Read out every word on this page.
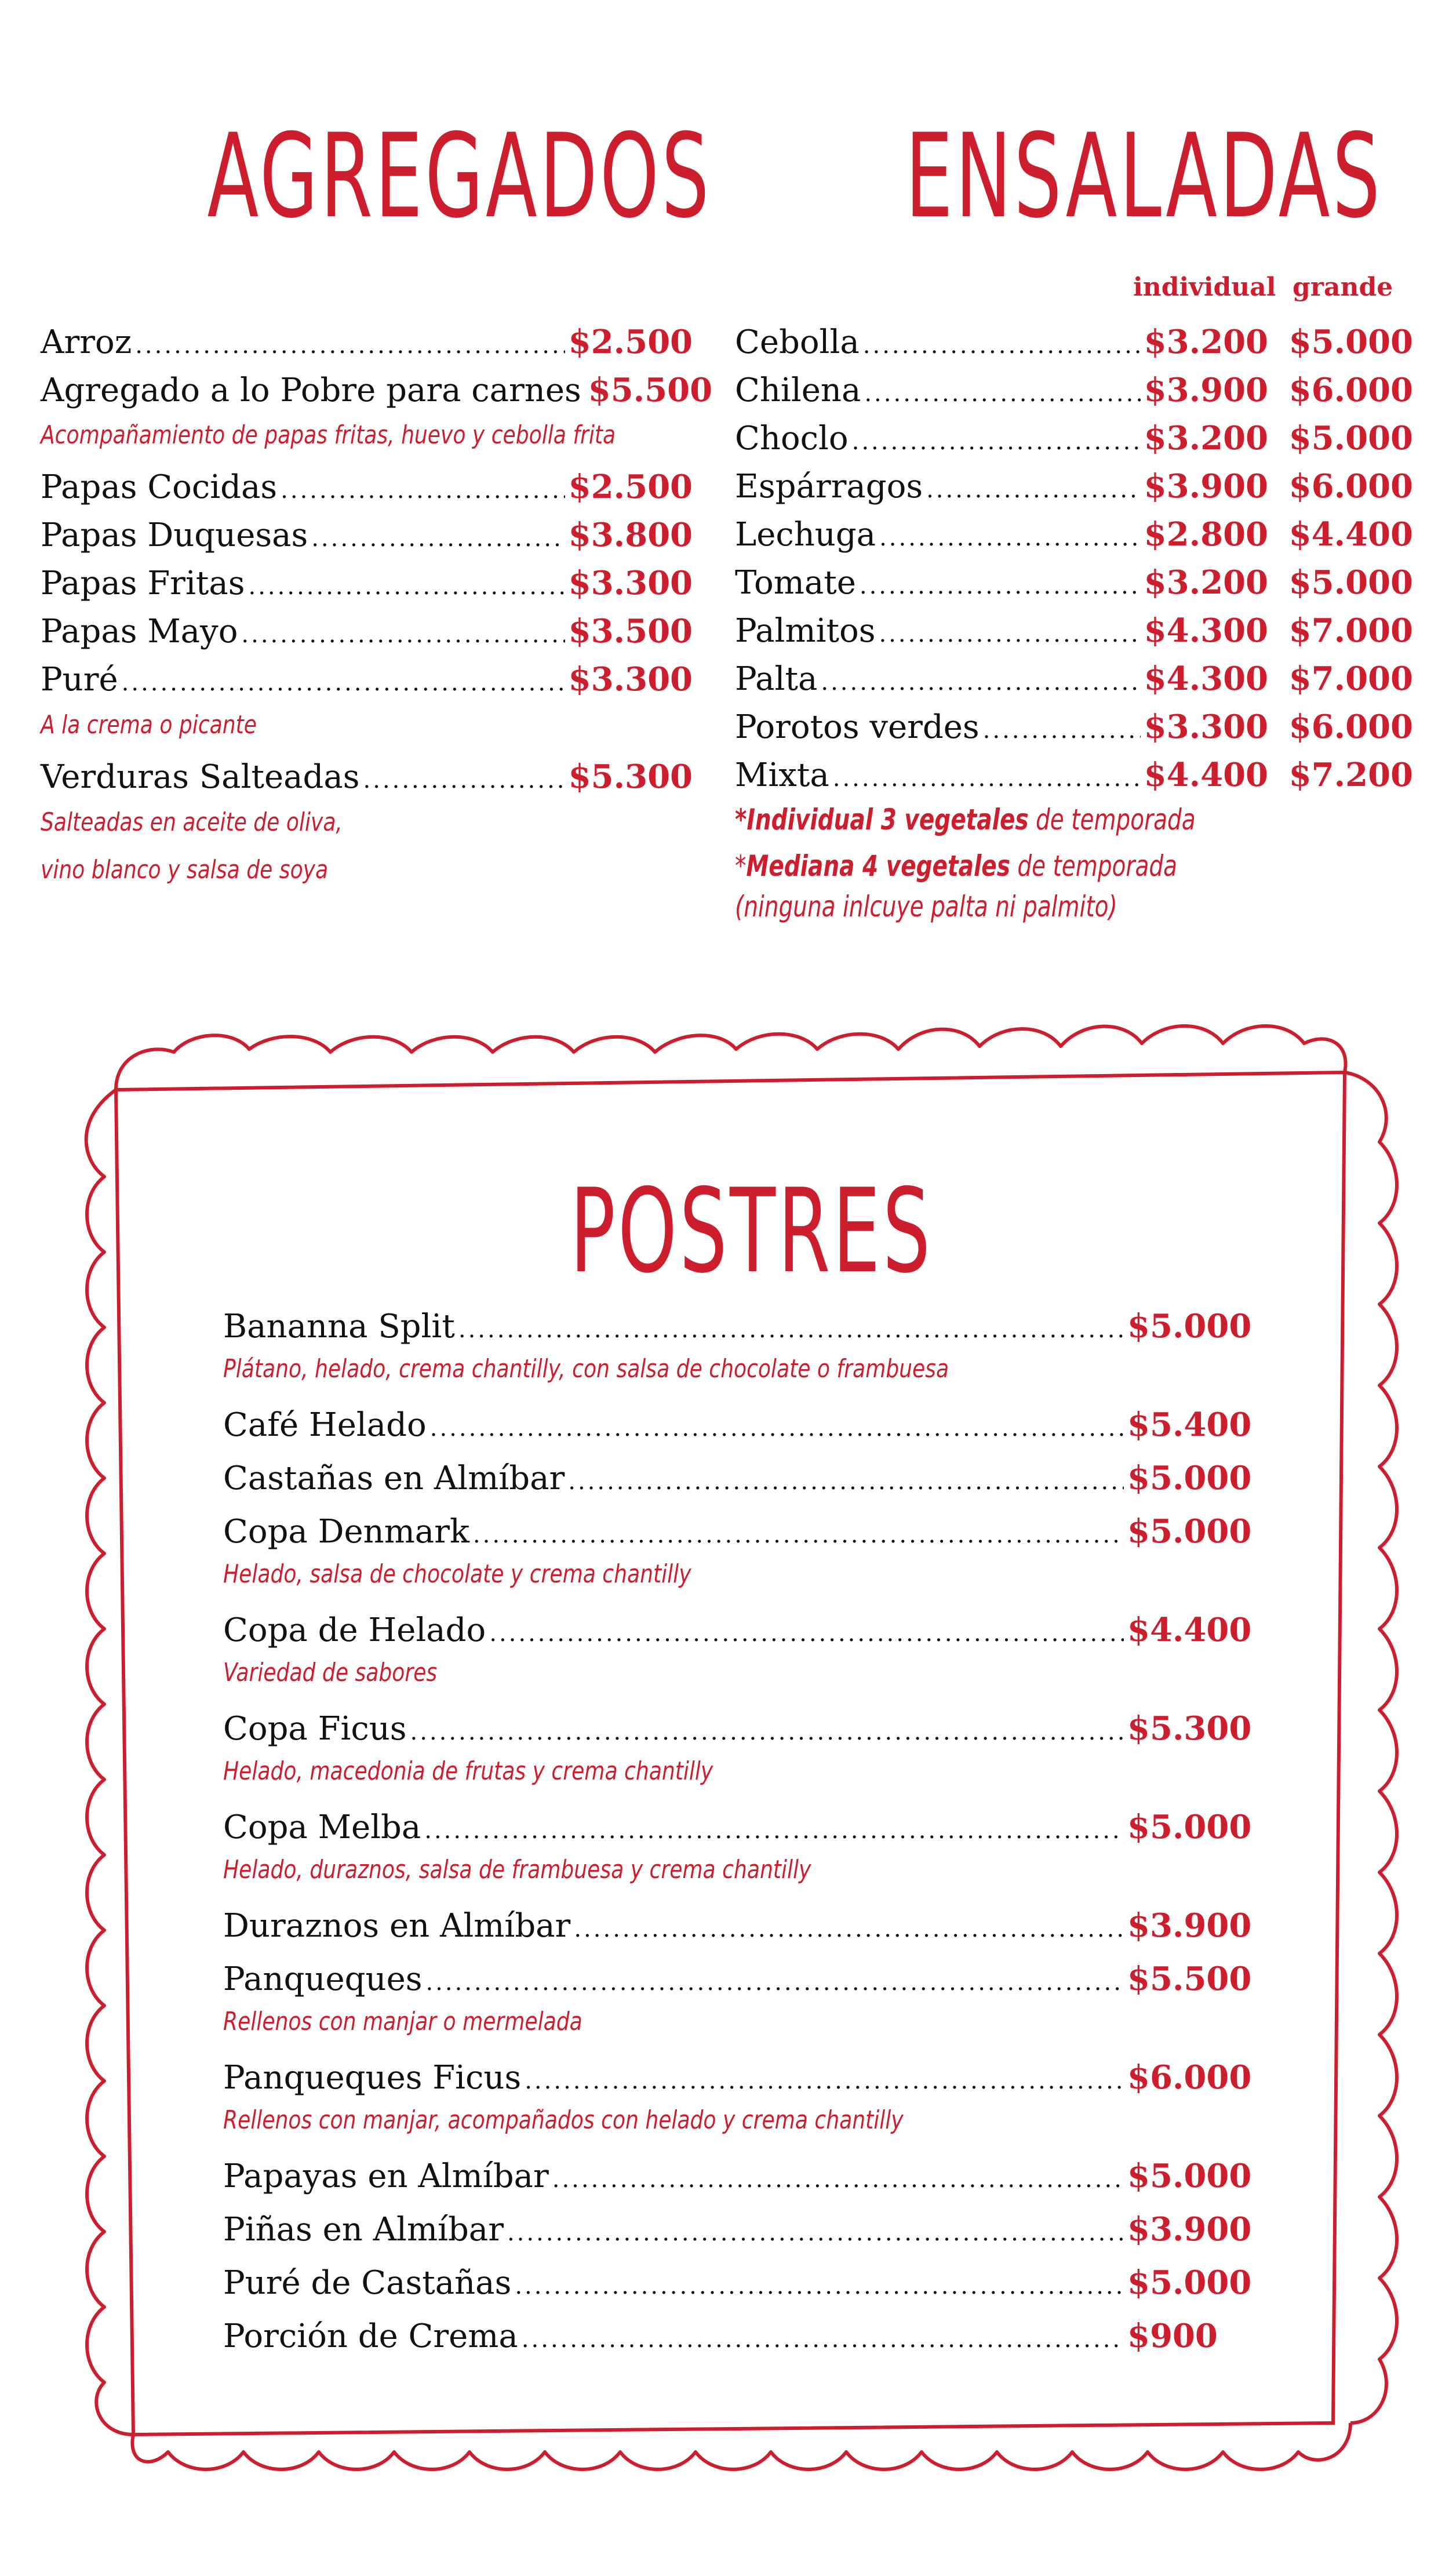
AGREGADOS
Arroz .....	$2.500
Agregado a lo Pobre para carnes $5.500
Acompañamiento de papas fritas, huevo y cebolla frita
Papas Cocidas .....	$2.500
Papas Duquesas .....	$3.800
Papas Fritas .....	$3.300
Papas Mayo .....	$3.500
Puré .....	$3.300
A la crema o picante
Verduras Salteadas .....	$5.300
Salteadas en aceite de oliva,
vino blanco y salsa de soya
ENSALADAS
individual grande
Cebolla .....	$3.200 $5.000
Chilena .....	$3.900 $6.000
Choclo .....	$3.200 $5.000
Espárragos .....	$3.900 $6.000
Lechuga .....	$2.800 $4.400
Tomate .....	$3.200 $5.000
Palmitos .....	$4.300 $7.000
Palta .....	$4.300 $7.000
Porotos verdes .....	$3.300 $6.000
Mixta .....	$4.400 $7.200
*Individual 3 vegetales de temporada
*Mediana 4 vegetales de temporada
(ninguna inlcuye palta ni palmito)
POSTRES
Bananna Split .....	$5.000
Plátano, helado, crema chantilly, con salsa de chocolate o frambuesa
Café Helado .....	$5.400
Castañas en Almíbar .....	$5.000
Copa Denmark .....	$5.000
Helado, salsa de chocolate y crema chantilly
Copa de Helado .....	$4.400
Variedad de sabores
Copa Ficus .....	$5.300
Helado, macedonia de frutas y crema chantilly
Copa Melba .....	$5.000
Helado, duraznos, salsa de frambuesa y crema chantilly
Duraznos en Almíbar .....	$3.900
Panqueques .....	$5.500
Rellenos con manjar o mermelada
Panqueques Ficus .....	$6.000
Rellenos con manjar, acompañados con helado y crema chantilly
Papayas en Almíbar .....	$5.000
Piñas en Almíbar .....	$3.900
Puré de Castañas .....	$5.000
Porción de Crema .....	$900
